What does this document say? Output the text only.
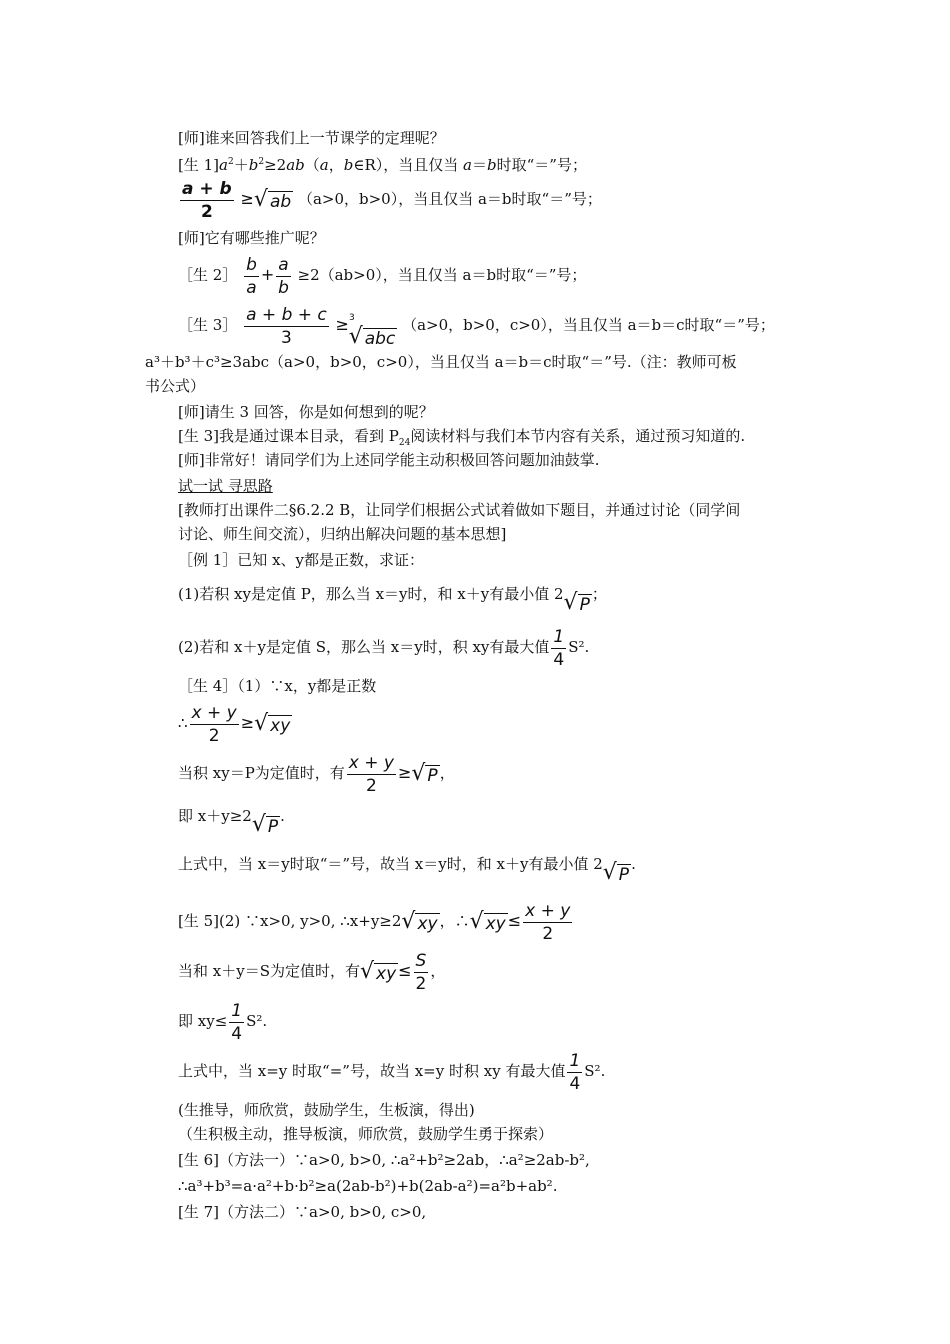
[师]谁来回答我们上一节课学的定理呢？
[生 $1]a^2+b^2\ge 2ab(a$，b∈R），当且仅当 a＝b时取“＝”号；
$\frac{a + b}{2}$ ≥ √ ab （a>0，b>0），当且仅当 a＝b时取“＝”号；
[师]它有哪些推广呢？
［生 2］ $\frac{b}{a} + \frac{a}{b} \ge 2(ab>0)$，当且仅当 a＝b时取“＝”号；
［生 3］ $\frac{a + b + c}{3} \ge^3$
√ abc
（a>0，b>0，c>0），当且仅当 a＝b＝c时取“＝”号；
a³＋b³＋c³≥3abc（a>0，b>0，c>0），当且仅当 a＝b＝c时取“＝”号.（注：教师可板
书公式）
[师]请生 3 回答，你是如何想到的呢？
[生 3]我是通过课本目录，看到 $P_{24}$阅读材料与我们本节内容有关系，通过预习知道的.
[师]非常好！请同学们为上述同学能主动积极回答问题加油鼓掌.
试一试 寻思路
[教师打出课件二§6.2.2 B，让同学们根据公式试着做如下题目，并通过讨论（同学间
讨论、师生间交流），归纳出解决问题的基本思想]
［例 1］已知 x、y都是正数，求证：
(1)若积 xy是定值 P，那么当 x＝y时，和 x＋y有最小值 2 √ P
；
(2)若和 x＋y是定值 S，那么当 x＝y时，积 xy有最大值 $\frac{1}{4} S^2$.
［生 4］（1）∵x，y都是正数
∴ $\frac{x + y}{2}$ ≥ √ xy
当积 xy＝P为定值时，有 $\frac{x + y}{2}$ ≥ √ P ，
即 x＋y≥2 √ P
.
上式中，当 x＝y时取“＝”号，故当 x＝y时，和 x＋y有最小值 2 √ P
.
[生 5](2) ∵x>0, y>0, ∴x+y≥2 √ xy ，∴ √ xy ≤ $\frac{x + y}{2}$
当和 x＋y＝S为定值时，有 √ xy ≤ $\frac{S}{2}$ ，
即 $xy\le \frac{1}{4} S^2$.
上式中，当 x=y 时取“=”号，故当 x=y 时积 xy 有最大值 $\frac{1}{4} S^2$.
(生推导，师欣赏，鼓励学生，生板演，得出)
（生积极主动，推导板演，师欣赏，鼓励学生勇于探索）
[生 6]（方法一）∵a>0, b>0, ∴a²+b²≥2ab，∴a²≥2ab-b²,
∴a³+b³=a·a²+b·b²≥a(2ab-b²)+b(2ab-a²)=a²b+ab².
[生 7]（方法二）∵a>0, b>0, c>0,
